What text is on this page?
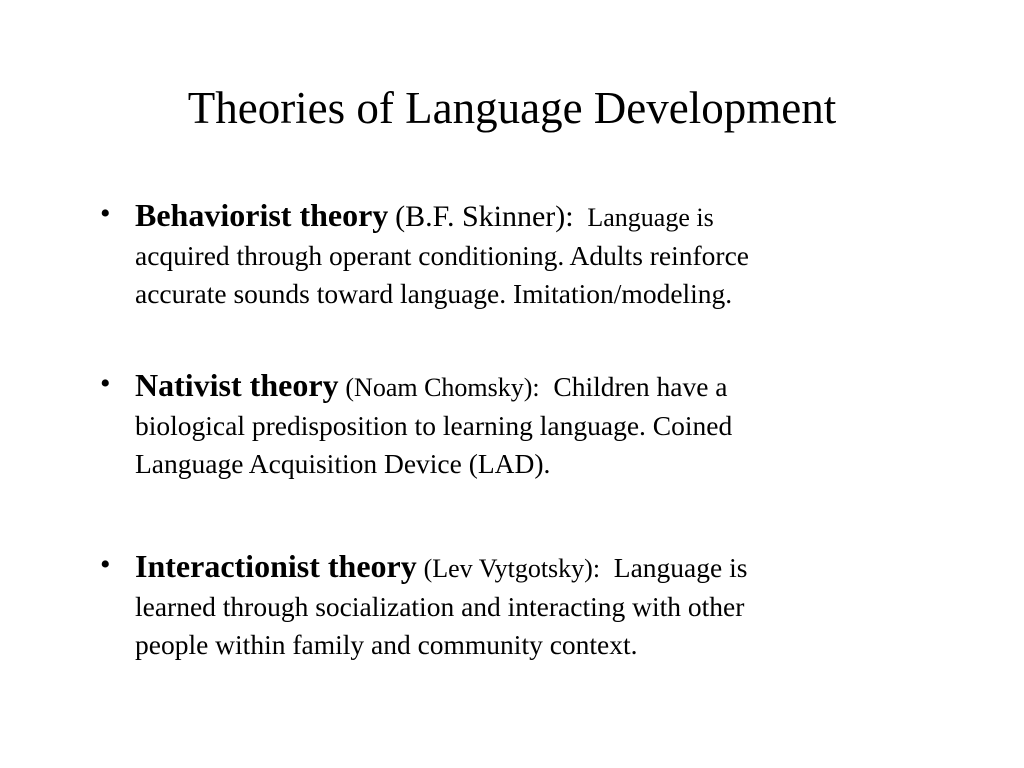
Theories of Language Development
• Behaviorist theory (B.F. Skinner): Language is
acquired through operant conditioning. Adults reinforce
accurate sounds toward language. Imitation/modeling.
• Nativist theory (Noam Chomsky): Children have a
biological predisposition to learning language. Coined
Language Acquisition Device (LAD).
• Interactionist theory (Lev Vytgotsky): Language is
learned through socialization and interacting with other
people within family and community context.
